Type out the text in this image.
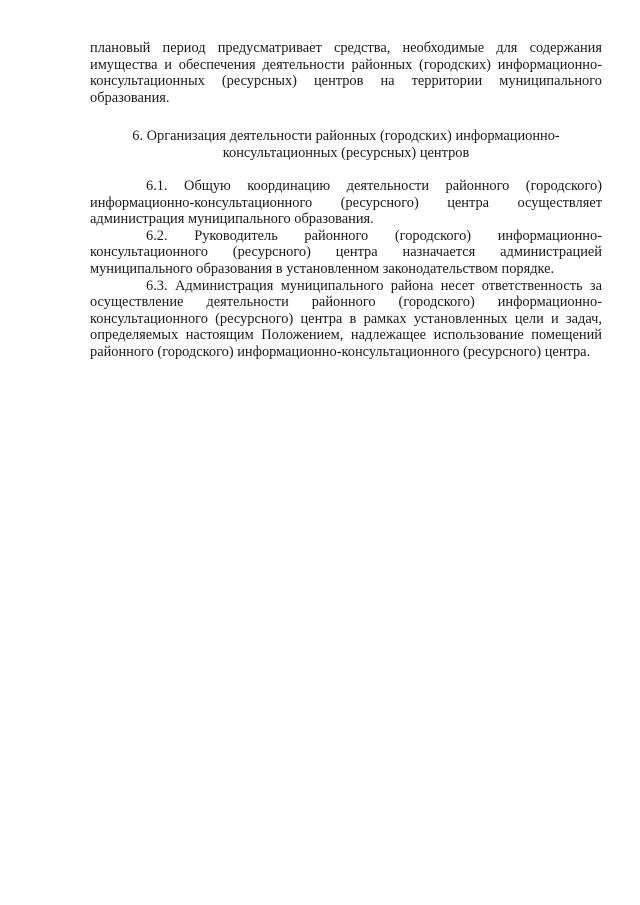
плановый период предусматривает средства, необходимые для содержания имущества и обеспечения деятельности районных (городских) информационно-консультационных (ресурсных) центров на территории муниципального образования.

6. Организация деятельности районных (городских) информационно-консультационных (ресурсных) центров

6.1. Общую координацию деятельности районного (городского) информационно-консультационного (ресурсного) центра осуществляет администрация муниципального образования.

6.2. Руководитель районного (городского) информационно-консультационного (ресурсного) центра назначается администрацией муниципального образования в установленном законодательством порядке.

6.3. Администрация муниципального района несет ответственность за осуществление деятельности районного (городского) информационно-консультационного (ресурсного) центра в рамках установленных цели и задач, определяемых настоящим Положением, надлежащее использование помещений районного (городского) информационно-консультационного (ресурсного) центра.
